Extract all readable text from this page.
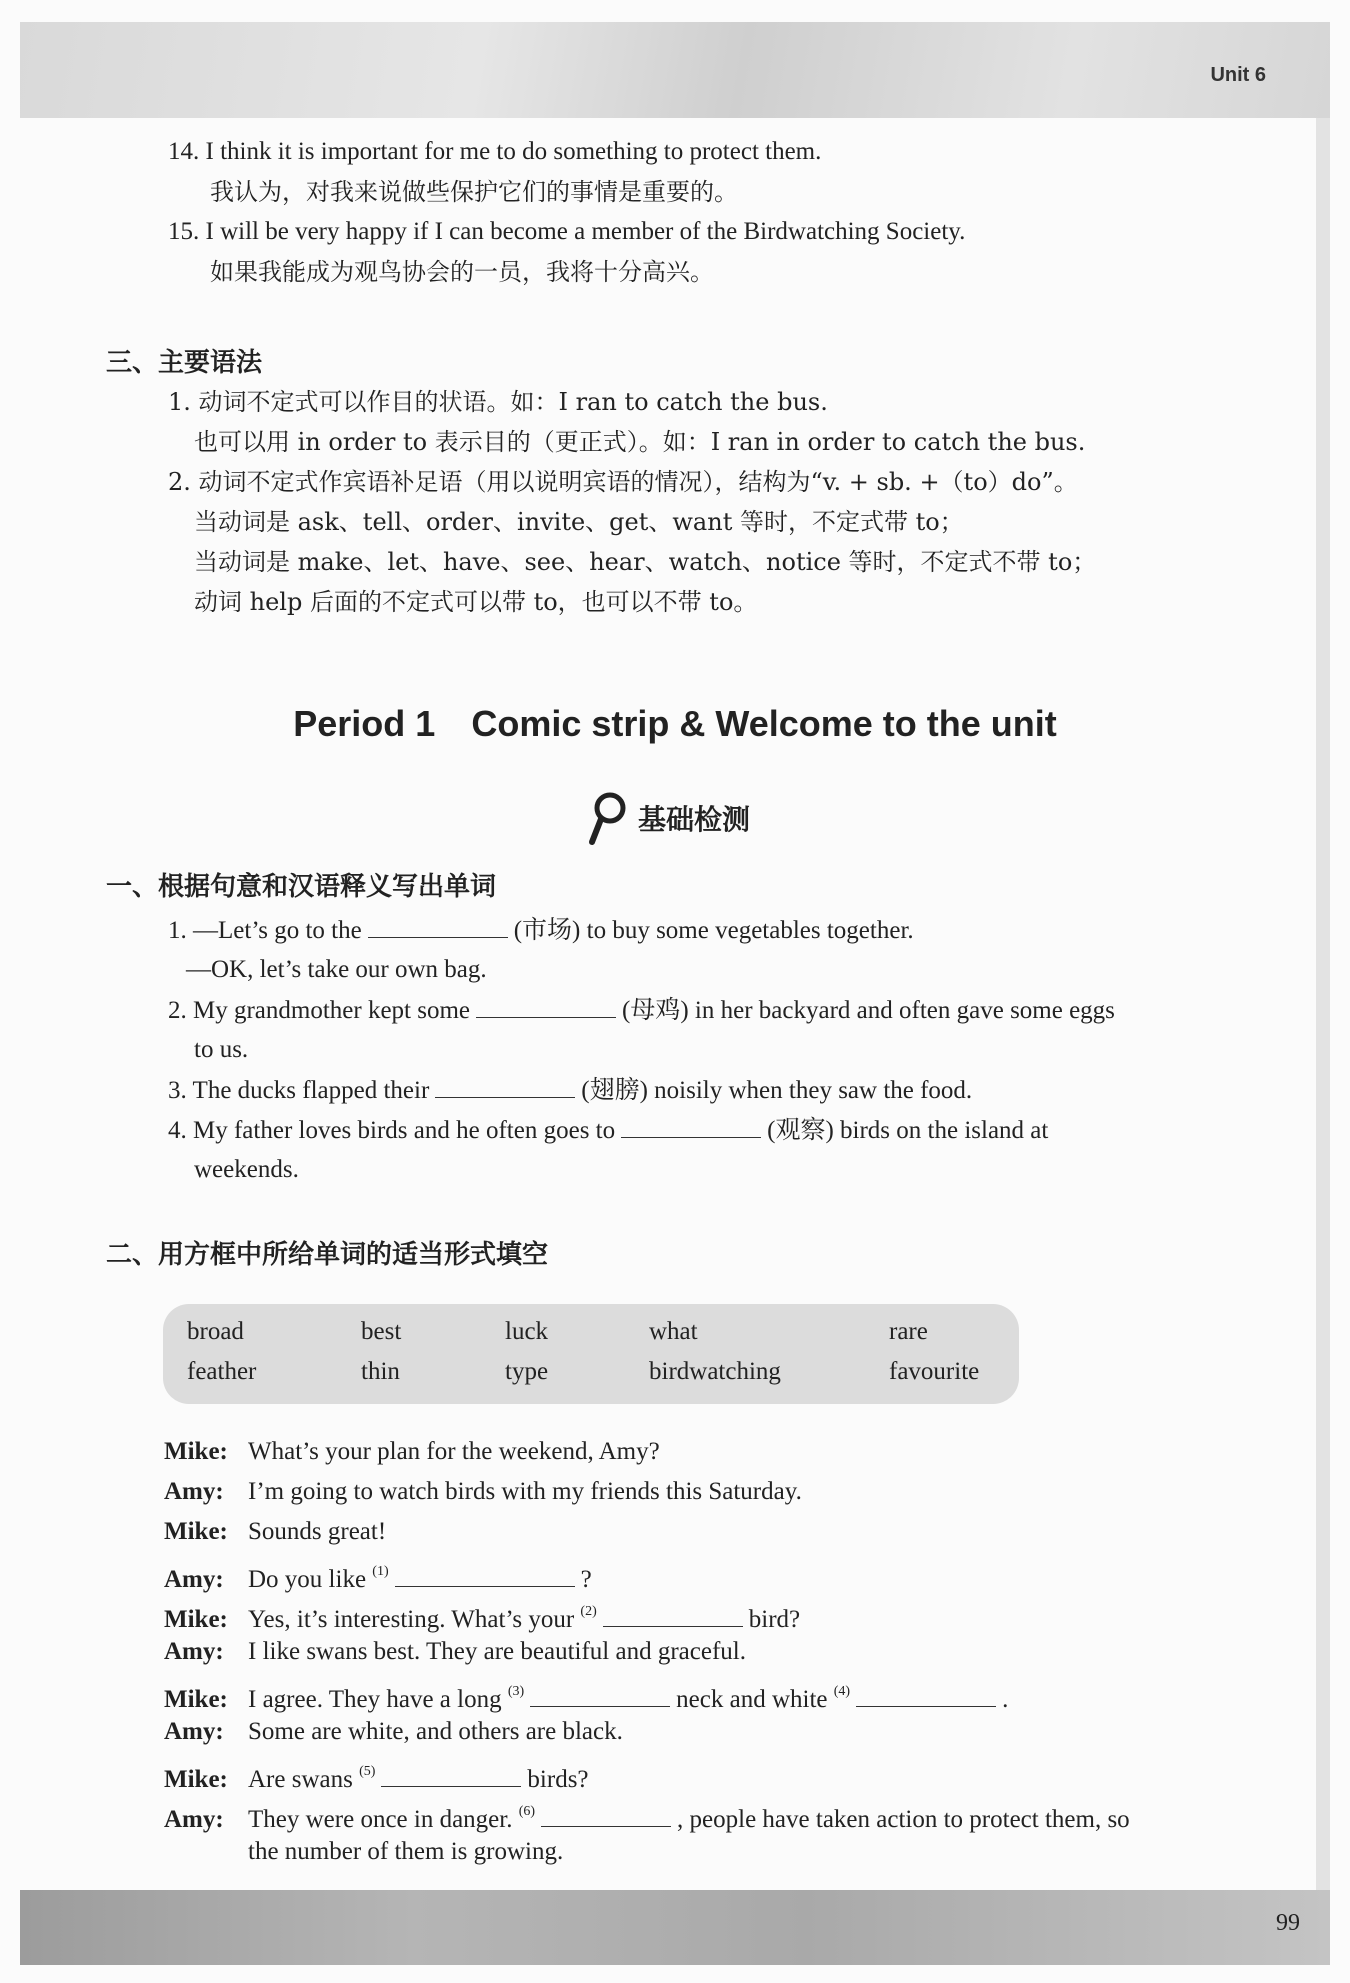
Unit 6
99
14. I think it is important for me to do something to protect them.
我认为，对我来说做些保护它们的事情是重要的。
15. I will be very happy if I can become a member of the Birdwatching Society.
如果我能成为观鸟协会的一员，我将十分高兴。
三、主要语法
1. 动词不定式可以作目的状语。如：I ran to catch the bus.
也可以用 in order to 表示目的（更正式）。如：I ran in order to catch the bus.
2. 动词不定式作宾语补足语（用以说明宾语的情况），结构为“v. + sb. +（to）do”。
当动词是 ask、tell、order、invite、get、want 等时，不定式带 to；
当动词是 make、let、have、see、hear、watch、notice 等时，不定式不带 to；
动词 help 后面的不定式可以带 to，也可以不带 to。
Period 1 Comic strip & Welcome to the unit
基础检测
一、根据句意和汉语释义写出单词
1. —Let’s go to the	(市场) to buy some vegetables together.
—OK, let’s take our own bag.
2. My grandmother kept some	(母鸡) in her backyard and often gave some eggs
to us.
3. The ducks flapped their	(翅膀) noisily when they saw the food.
4. My father loves birds and he often goes to	(观察) birds on the island at
weekends.
二、用方框中所给单词的适当形式填空
broad	best	luck	what	rare
feather	thin	type	birdwatching	favourite
Mike: What’s your plan for the weekend, Amy?
Amy: I’m going to watch birds with my friends this Saturday.
Mike: Sounds great!
Amy: Do you like $^{(1)}$	?
Mike: Yes, it’s interesting. What’s your $^{(2)}$	bird?
Amy: I like swans best. They are beautiful and graceful.
Mike: I agree. They have a long $^{(3)}$	neck and white $^{(4)}$	.
Amy: Some are white, and others are black.
Mike: Are swans $^{(5)}$	birds?
Amy: They were once in danger. $^{(6)}$	, people have taken action to protect them, so
the number of them is growing.
